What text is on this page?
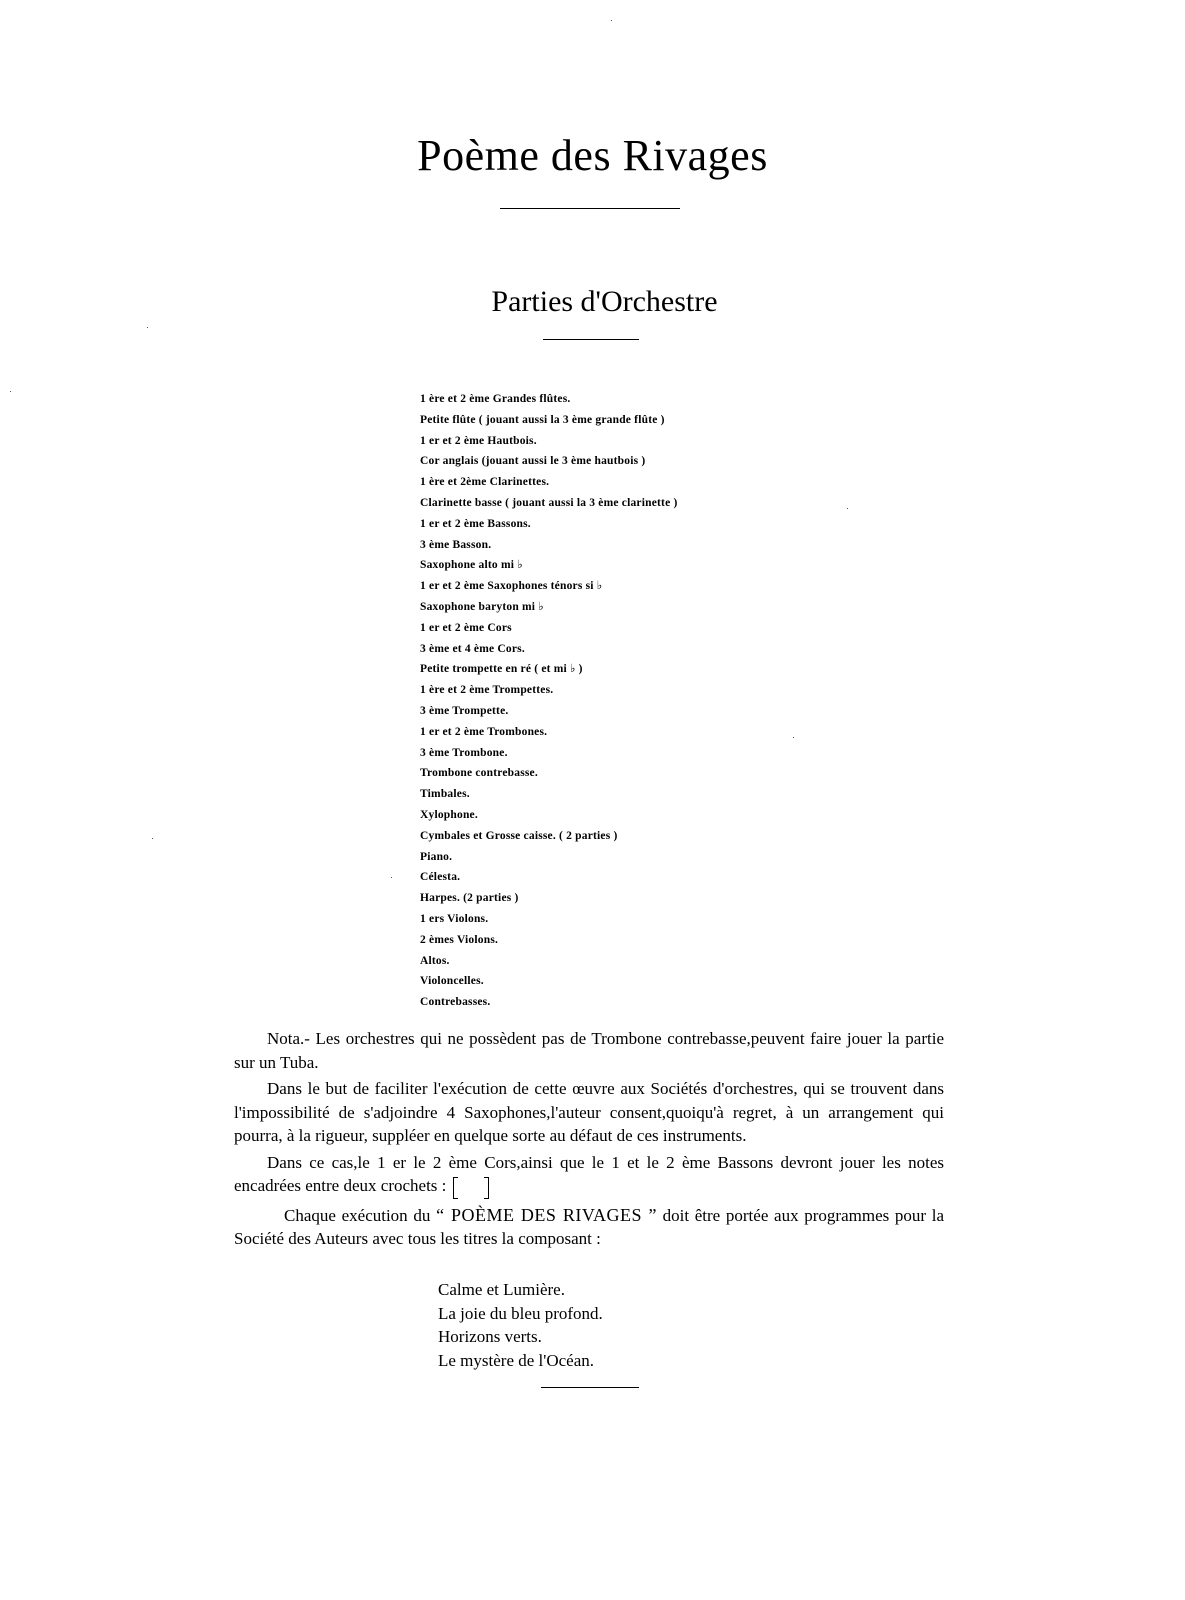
Poème des Rivages
Parties d'Orchestre
1 ère et 2 ème Grandes flûtes.
Petite flûte ( jouant aussi la 3 ème grande flûte )
1 er et 2 ème Hautbois.
Cor anglais (jouant aussi le 3 ème hautbois )
1 ère et 2ème Clarinettes.
Clarinette basse ( jouant aussi la 3 ème clarinette )
1 er et 2 ème Bassons.
3 ème Basson.
Saxophone alto mi ♭
1 er et 2 ème Saxophones ténors si ♭
Saxophone baryton mi ♭
1 er et 2 ème Cors
3 ème et 4 ème Cors.
Petite trompette en ré ( et mi ♭ )
1 ère et 2 ème Trompettes.
3 ème Trompette.
1 er et 2 ème Trombones.
3 ème Trombone.
Trombone contrebasse.
Timbales.
Xylophone.
Cymbales et Grosse caisse. ( 2 parties )
Piano.
Célesta.
Harpes. (2 parties )
1 ers Violons.
2 èmes Violons.
Altos.
Violoncelles.
Contrebasses.

Nota.- Les orchestres qui ne possèdent pas de Trombone contrebasse,peuvent faire jouer la partie sur un Tuba.

Dans le but de faciliter l'exécution de cette œuvre aux Sociétés d'orchestres, qui se trouvent dans l'impossibilité de s'adjoindre 4 Saxophones,l'auteur consent,quoiqu'à regret, à un arrangement qui pourra, à la rigueur, suppléer en quelque sorte au défaut de ces instruments.

Dans ce cas,le 1 er le 2 ème Cors,ainsi que le 1 et le 2 ème Bassons devront jouer les notes encadrées entre deux crochets :

Chaque exécution du “ POÈME DES RIVAGES ” doit être portée aux programmes pour la Société des Auteurs avec tous les titres la composant :

Calme et Lumière.
La joie du bleu profond.
Horizons verts.
Le mystère de l'Océan.
